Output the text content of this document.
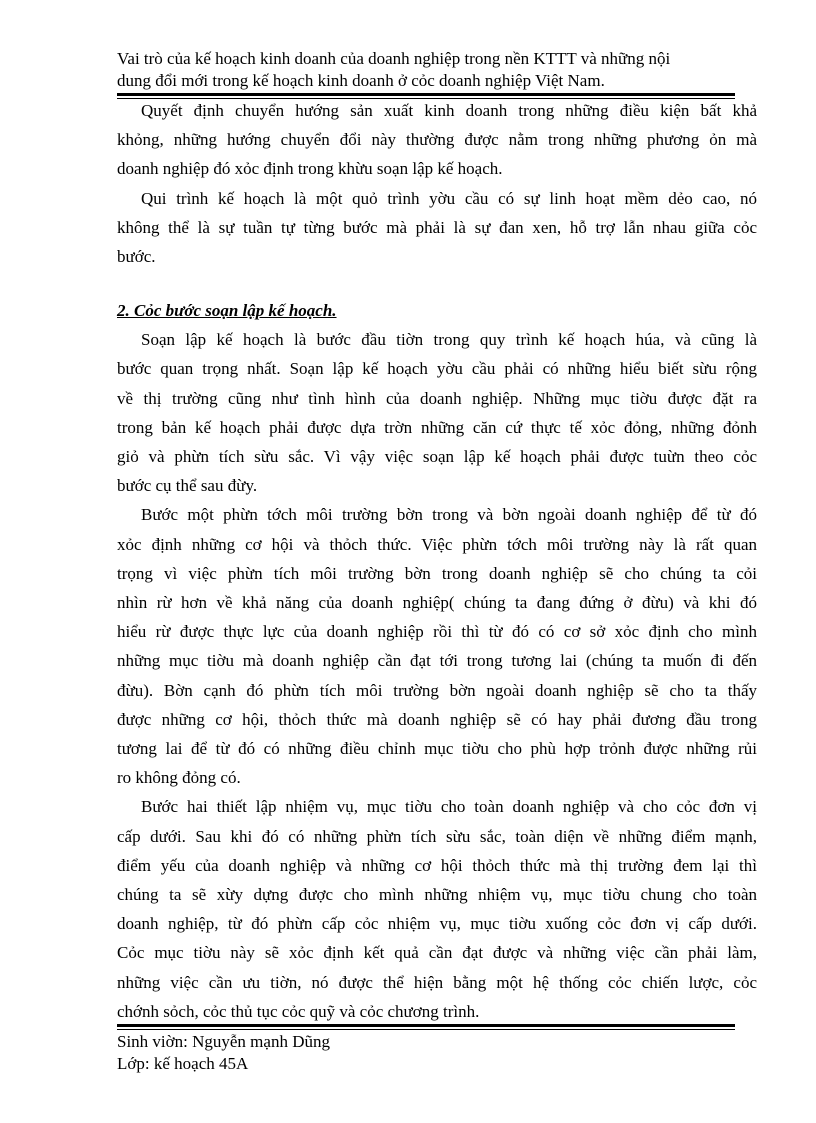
Vai trò của kế hoạch kinh doanh của doanh nghiệp trong nền KTTT và những nội
dung đổi mới trong kế hoạch kinh doanh ở cỏc doanh nghiệp Việt Nam.
Quyết định chuyển hướng sản xuất kinh doanh trong những điều kiện bất khả
khỏng, những hướng chuyển đổi này thường được nằm trong những phương ỏn mà
doanh nghiệp đó xỏc định trong khừu soạn lập kế hoạch.
Qui trình kế hoạch là một quỏ trình yờu cầu có sự linh hoạt mềm dẻo cao, nó
không thể là sự tuần tự từng bước mà phải là sự đan xen, hỗ trợ lẫn nhau giữa cỏc
bước.
2. Cỏc bước soạn lập kế hoạch.
Soạn lập kế hoạch là bước đầu tiờn trong quy trình kế hoạch húa, và cũng là
bước quan trọng nhất. Soạn lập kế hoạch yờu cầu phải có những hiểu biết sừu rộng
về thị trường cũng như tình hình của doanh nghiệp. Những mục tiờu được đặt ra
trong bản kế hoạch phải được dựa trờn những căn cứ thực tế xỏc đỏng, những đỏnh
giỏ và phừn tích sừu sắc. Vì vậy việc soạn lập kế hoạch phải được tuừn theo cỏc
bước cụ thể sau đừy.
Bước một phừn tớch môi trường bờn trong và bờn ngoài doanh nghiệp để từ đó
xỏc định những cơ hội và thỏch thức. Việc phừn tớch môi trường này là rất quan
trọng vì việc phừn tích môi trường bờn trong doanh nghiệp sẽ cho chúng ta cỏi
nhìn rừ hơn về khả năng của doanh nghiệp( chúng ta đang đứng ở đừu) và khi đó
hiểu rừ được thực lực của doanh nghiệp rồi thì từ đó có cơ sở xỏc định cho mình
những mục tiờu mà doanh nghiệp cần đạt tới trong tương lai (chúng ta muốn đi đến
đừu). Bờn cạnh đó phừn tích môi trường bờn ngoài doanh nghiệp sẽ cho ta thấy
được những cơ hội, thỏch thức mà doanh nghiệp sẽ có hay phải đương đầu trong
tương lai để từ đó có những điều chỉnh mục tiờu cho phù hợp trỏnh được những rủi
ro không đỏng có.
Bước hai thiết lập nhiệm vụ, mục tiờu cho toàn doanh nghiệp và cho cỏc đơn vị
cấp dưới. Sau khi đó có những phừn tích sừu sắc, toàn diện về những điểm mạnh,
điểm yếu của doanh nghiệp và những cơ hội thỏch thức mà thị trường đem lại thì
chúng ta sẽ xừy dựng được cho mình những nhiệm vụ, mục tiờu chung cho toàn
doanh nghiệp, từ đó phừn cấp cỏc nhiệm vụ, mục tiờu xuống cỏc đơn vị cấp dưới.
Cỏc mục tiờu này sẽ xỏc định kết quả cần đạt được và những việc cần phải làm,
những việc cần ưu tiờn, nó được thể hiện bằng một hệ thống cỏc chiến lược, cỏc
chớnh sỏch, cỏc thủ tục cỏc quỹ và cỏc chương trình.
Sinh viờn: Nguyễn mạnh Dũng
Lớp: kế hoạch 45A
